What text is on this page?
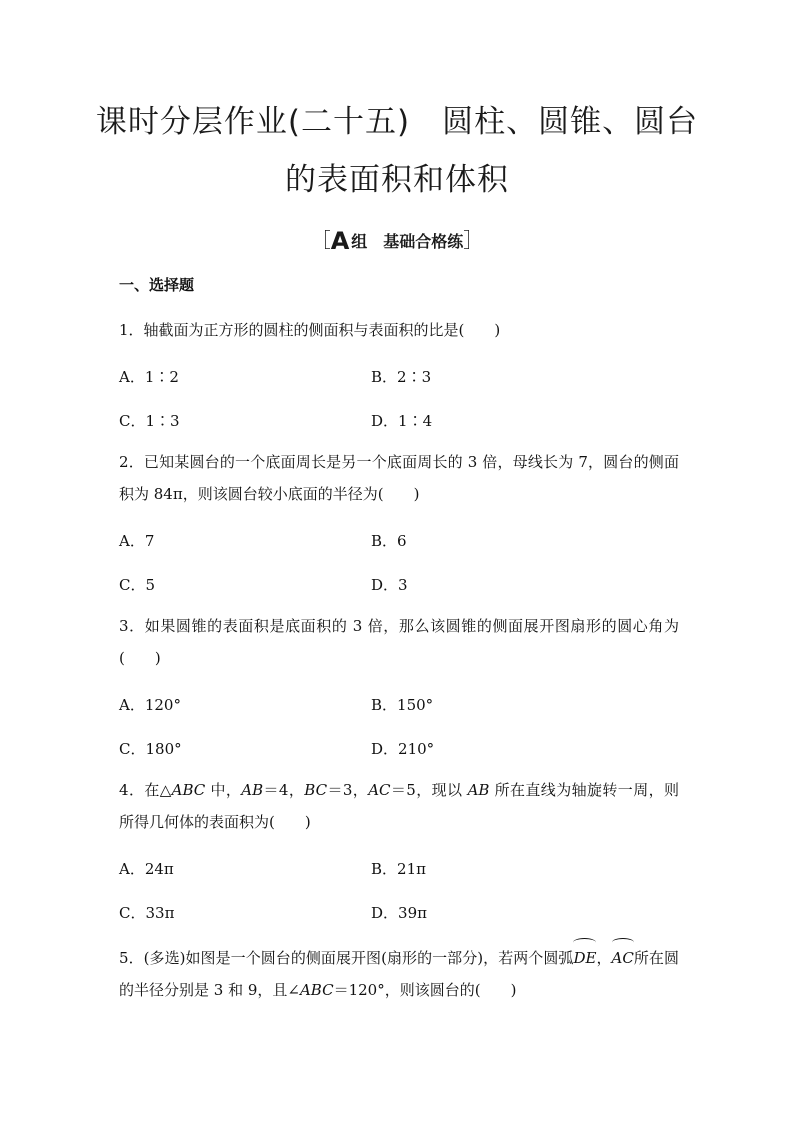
课时分层作业(二十五)　圆柱、圆锥、圆台
的表面积和体积
［A 组　基础合格练］
一、选择题
1．轴截面为正方形的圆柱的侧面积与表面积的比是(　　)
A．1∶2	B．2∶3
C．1∶3	D．1∶4
2．已知某圆台的一个底面周长是另一个底面周长的 3 倍，母线长为 7，圆台的侧面积为 84π，则该圆台较小底面的半径为(　　)
A．7	B．6
C．5	D．3
3．如果圆锥的表面积是底面积的 3 倍，那么该圆锥的侧面展开图扇形的圆心角为(　　)
A．120°	B．150°
C．180°	D．210°
4．在△ABC 中，AB＝4，BC＝3，AC＝5，现以 AB 所在直线为轴旋转一周，则所得几何体的表面积为(　　)
A．24π	B．21π
C．33π	D．39π
5．(多选)如图是一个圆台的侧面展开图(扇形的一部分)，若两个圆弧DE，AC所在圆的半径分别是 3 和 9，且∠ABC＝120°，则该圆台的(　　)
